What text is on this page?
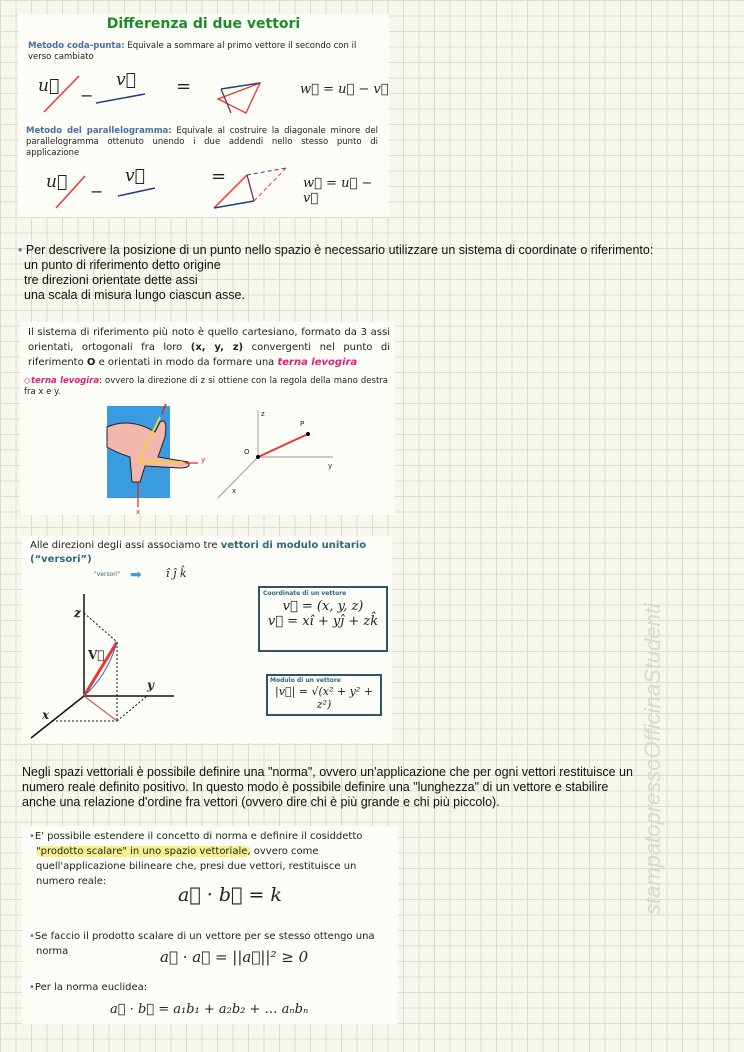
Differenza di due vettori
Metodo coda-punta: Equivale a sommare al primo vettore il secondo con il verso cambiato
u⃗ −
v⃗ =	w⃗ = u⃗ − v⃗
Metodo del parallelogramma: Equivale al costruire la diagonale minore del parallelogramma ottenuto unendo i due addendi nello stesso punto di applicazione
u⃗ −
v⃗	=	w⃗ = u⃗ − v⃗
• Per descrivere la posizione di un punto nello spazio è necessario utilizzare un sistema di coordinate o riferimento:
un punto di riferimento detto origine
tre direzioni orientate dette assi
una scala di misura lungo ciascun asse.
Il sistema di riferimento più noto è quello cartesiano, formato da 3 assi orientati, ortogonali fra loro (x, y, z) convergenti nel punto di riferimento O e orientati in modo da formare una terna levogira
◇terna levogira: ovvero la direzione di z si ottiene con la regola della mano destra fra x e y.
z
y
x
z
P
O
y
x
Alle direzioni degli assi associamo tre vettori di modulo unitario
(“versori”)
"versori" ➡ î ĵ k̂
z
V⃗
y
x
Coordinate di un vettore
v⃗ = (x, y, z)
v⃗ = xî + yĵ + zk̂
Modulo di un vettore
|v⃗| = √(x² + y² + z²)
Negli spazi vettoriali è possibile definire una "norma", ovvero un'applicazione che per ogni vettori restituisce un
numero reale definito positivo. In questo modo è possibile definire una "lunghezza" di un vettore e stabilire
anche una relazione d'ordine fra vettori (ovvero dire chi è più grande e chi più piccolo).
•E' possibile estendere il concetto di norma e definire il cosiddetto "prodotto scalare" in uno spazio vettoriale, ovvero come quell'applicazione bilineare che, presi due vettori, restituisce un numero reale:
a⃗ · b⃗ = k
•Se faccio il prodotto scalare di un vettore per se stesso ottengo una norma	a⃗ · a⃗ = ||a⃗||² ≥ 0
•Per la norma euclidea:
a⃗ · b⃗ = a₁b₁ + a₂b₂ + … aₙbₙ
stampatopressoOfficinaStudenti
